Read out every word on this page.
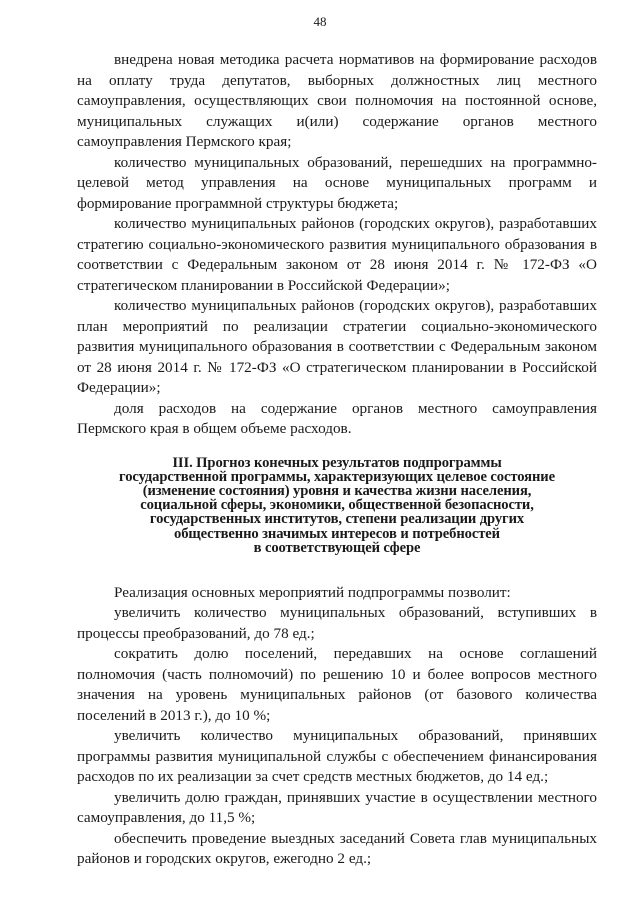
48

внедрена новая методика расчета нормативов на формирование расходов на оплату труда депутатов, выборных должностных лиц местного самоуправления, осуществляющих свои полномочия на постоянной основе, муниципальных служащих и(или) содержание органов местного самоуправления Пермского края;

количество муниципальных образований, перешедших на программно-целевой метод управления на основе муниципальных программ и формирование программной структуры бюджета;

количество муниципальных районов (городских округов), разработавших стратегию социально-экономического развития муниципального образования в соответствии с Федеральным законом от 28 июня 2014 г. № 172-ФЗ «О стратегическом планировании в Российской Федерации»;

количество муниципальных районов (городских округов), разработавших план мероприятий по реализации стратегии социально-экономического развития муниципального образования в соответствии с Федеральным законом от 28 июня 2014 г. № 172-ФЗ «О стратегическом планировании в Российской Федерации»;

доля расходов на содержание органов местного самоуправления Пермского края в общем объеме расходов.

III. Прогноз конечных результатов подпрограммы
государственной программы, характеризующих целевое состояние
(изменение состояния) уровня и качества жизни населения,
социальной сферы, экономики, общественной безопасности,
государственных институтов, степени реализации других
общественно значимых интересов и потребностей
в соответствующей сфере

Реализация основных мероприятий подпрограммы позволит:

увеличить количество муниципальных образований, вступивших в процессы преобразований, до 78 ед.;

сократить долю поселений, передавших на основе соглашений полномочия (часть полномочий) по решению 10 и более вопросов местного значения на уровень муниципальных районов (от базового количества поселений в 2013 г.), до 10 %;

увеличить количество муниципальных образований, принявших программы развития муниципальной службы с обеспечением финансирования расходов по их реализации за счет средств местных бюджетов, до 14 ед.;

увеличить долю граждан, принявших участие в осуществлении местного самоуправления, до 11,5 %;

обеспечить проведение выездных заседаний Совета глав муниципальных районов и городских округов, ежегодно 2 ед.;
